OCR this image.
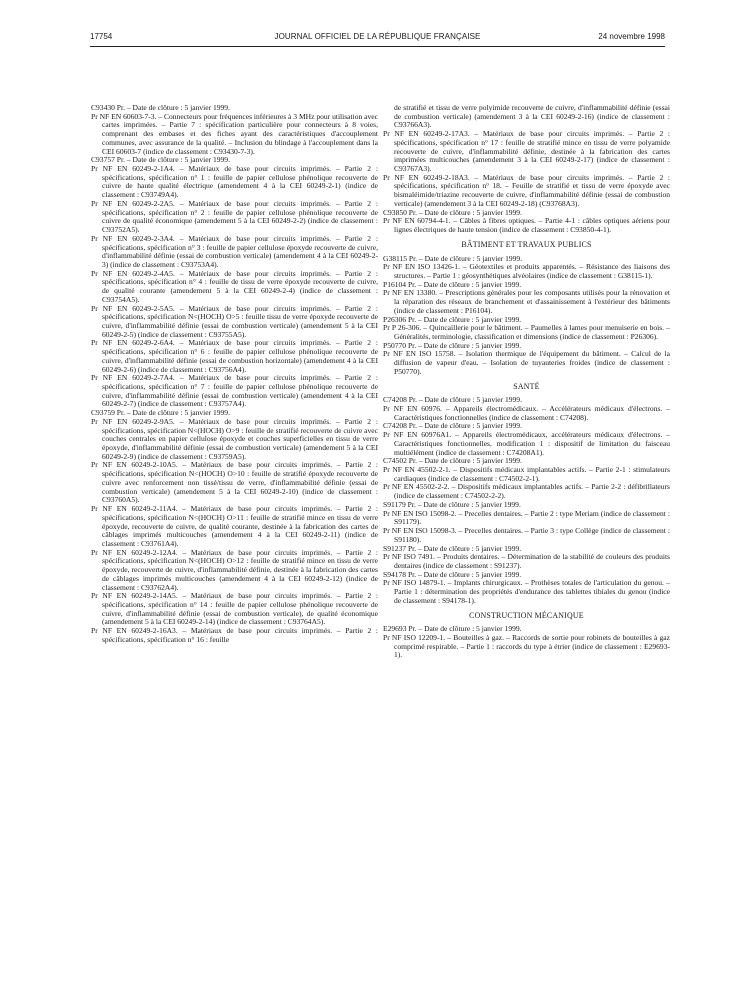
17754	JOURNAL OFFICIEL DE LA RÉPUBLIQUE FRANÇAISE	24 novembre 1998
C93430 Pr. – Date de clôture : 5 janvier 1999.
Pr NF EN 60603-7-3. – Connecteurs pour fréquences inférieures à 3 MHz pour utilisation avec cartes imprimées. – Partie 7 : spécification particulière pour connecteurs à 8 voies, comprenant des embases et des fiches ayant des caractéristiques d'accouplement communes, avec assurance de la qualité. – Inclusion du blindage à l'accouplement dans la CEI 60603-7 (indice de classement : C93430-7-3).
C93757 Pr. – Date de clôture : 5 janvier 1999.
Pr NF EN 60249-2-1A4. – Matériaux de base pour circuits imprimés. – Partie 2 : spécifications, spécification n° 1 : feuille de papier cellulose phénolique recouverte de cuivre de haute qualité électrique (amendement 4 à la CEI 60249-2-1) (indice de classement : C93749A4).
Pr NF EN 60249-2-2A5. – Matériaux de base pour circuits imprimés. – Partie 2 : spécifications, spécification n° 2 : feuille de papier cellulose phénolique recouverte de cuivre de qualité économique (amendement 5 à la CEI 60249-2-2) (indice de classement : C93752A5).
Pr NF EN 60249-2-3A4. – Matériaux de base pour circuits imprimés. – Partie 2 : spécifications, spécification n° 3 : feuille de papier cellulose époxyde recouverte de cuivre, d'inflammabilité définie (essai de combustion verticale) (amendement 4 à la CEI 60249-2-3) (indice de classement : C93753A4).
Pr NF EN 60249-2-4A5. – Matériaux de base pour circuits imprimés. – Partie 2 : spécifications, spécification n° 4 : feuille de tissu de verre époxyde recouverte de cuivre, de qualité courante (amendement 5 à la CEI 60249-2-4) (indice de classement : C93754A5).
Pr NF EN 60249-2-5A5. – Matériaux de base pour circuits imprimés. – Partie 2 : spécifications, spécification N<(HOCH) O>5 : feuille tissu de verre époxyde recouverte de cuivre, d'inflammabilité définie (essai de combustion verticale) (amendement 5 à la CEI 60249-2-5) (indice de classement : C93755A5).
Pr NF EN 60249-2-6A4. – Matériaux de base pour circuits imprimés. – Partie 2 : spécifications, spécification n° 6 : feuille de papier cellulose phénolique recouverte de cuivre, d'inflammabilité définie (essai de combustion horizontale) (amendement 4 à la CEI 60249-2-6) (indice de classement : C93756A4).
Pr NF EN 60249-2-7A4. – Matériaux de base pour circuits imprimés. – Partie 2 : spécifications, spécification n° 7 : feuille de papier cellulose phénolique recouverte de cuivre, d'inflammabilité définie (essai de combustion verticale) (amendement 4 à la CEI 60249-2-7) (indice de classement : C93757A4).
C93759 Pr. – Date de clôture : 5 janvier 1999.
Pr NF EN 60249-2-9A5. – Matériaux de base pour circuits imprimés. – Partie 2 : spécifications, spécification N<(HOCH) O>9 : feuille de stratifié recouverte de cuivre avec couches centrales en papier cellulose époxyde et couches superficielles en tissu de verre époxyde, d'inflammabilité définie (essai de combustion verticale) (amendement 5 à la CEI 60249-2-9) (indice de classement : C93759A5).
Pr NF EN 60249-2-10A5. – Matériaux de base pour circuits imprimés. – Partie 2 : spécifications, spécification N<(HOCH) O>10 : feuille de stratifié époxyde recouverte de cuivre avec renforcement non tissé/tissu de verre, d'inflammabilité définie (essai de combustion verticale) (amendement 5 à la CEI 60249-2-10) (indice de classement : C93760A5).
Pr NF EN 60249-2-11A4. – Matériaux de base pour circuits imprimés. – Partie 2 : spécifications, spécification N<(HOCH) O>11 : feuille de stratifié mince en tissu de verre époxyde, recouverte de cuivre, de qualité courante, destinée à la fabrication des cartes de câblages imprimés multicouches (amendement 4 à la CEI 60249-2-11) (indice de classement : C93761A4).
Pr NF EN 60249-2-12A4. – Matériaux de base pour circuits imprimés. – Partie 2 : spécifications, spécification N<(HOCH) O>12 : feuille de stratifié mince en tissu de verre époxyde, recouverte de cuivre, d'inflammabilité définie, destinée à la fabrication des cartes de câblages imprimés multicouches (amendement 4 à la CEI 60249-2-12) (indice de classement : C93762A4).
Pr NF EN 60249-2-14A5. – Matériaux de base pour circuits imprimés. – Partie 2 : spécifications, spécification n° 14 : feuille de papier cellulose phénolique recouverte de cuivre, d'inflammabilité définie (essai de combustion verticale), de qualité économique (amendement 5 à la CEI 60249-2-14) (indice de classement : C93764A5).
Pr NF EN 60249-2-16A3. – Matériaux de base pour circuits imprimés. – Partie 2 : spécifications, spécification n° 16 : feuille
de stratifié et tissu de verre polyimide recouverte de cuivre, d'inflammabilité définie (essai de combustion verticale) (amendement 3 à la CEI 60249-2-16) (indice de classement : C93766A3).
Pr NF EN 60249-2-17A3. – Matériaux de base pour circuits imprimés. – Partie 2 : spécifications, spécification n° 17 : feuille de stratifié mince en tissu de verre polyamide recouverte de cuivre, d'inflammabilité définie, destinée à la fabrication des cartes imprimées multicouches (amendement 3 à la CEI 60249-2-17) (indice de classement : C93767A3).
Pr NF EN 60249-2-18A3. – Matériaux de base pour circuits imprimés. – Partie 2 : spécifications, spécification n° 18. – Feuille de stratifié et tissu de verre époxyde avec bismaléimide/triazine recouverte de cuivre, d'inflammabilité définie (essai de combustion verticale) (amendement 3 à la CEI 60249-2-18) (C93768A3).
C93850 Pr. – Date de clôture : 5 janvier 1999.
Pr NF EN 60794-4-1. – Câbles à fibres optiques. – Partie 4-1 : câbles optiques aériens pour lignes électriques de haute tension (indice de classement : C93850-4-1).
BÂTIMENT ET TRAVAUX PUBLICS
G38115 Pr. – Date de clôture : 5 janvier 1999.
Pr NF EN ISO 13426-1. – Géotextiles et produits apparentés. – Résistance des liaisons des structures. – Partie 1 : géosynthétiques alvéolaires (indice de classement : G38115-1).
P16104 Pr. – Date de clôture : 5 janvier 1999.
Pr NF EN 13380. – Prescriptions générales pour les composants utilisés pour la rénovation et la réparation des réseaux de branchement et d'assainissement à l'extérieur des bâtiments (indice de classement : P16104).
P26306 Pr. – Date de clôture : 5 janvier 1999.
Pr P 26-306. – Quincaillerie pour le bâtiment. – Paumelles à lames pour menuiserie en bois. – Généralités, terminologie, classification et dimensions (indice de classement : P26306).
P50770 Pr. – Date de clôture : 5 janvier 1999.
Pr NF EN ISO 15758. – Isolation thermique de l'équipement du bâtiment. – Calcul de la diffusion de vapeur d'eau. – Isolation de tuyauteries froides (indice de classement : P50770).
SANTÉ
C74208 Pr. – Date de clôture : 5 janvier 1999.
Pr NF EN 60976. – Appareils électromédicaux. – Accélérateurs médicaux d'électrons. – Caractéristiques fonctionnelles (indice de classement : C74208).
C74208 Pr. – Date de clôture : 5 janvier 1999.
Pr NF EN 60976A1. – Appareils électromédicaux, accélérateurs médicaux d'électrons. – Caractéristiques fonctionnelles, modification 1 : dispositif de limitation du faisceau multiélément (indice de classement : C74208A1).
C74502 Pr. – Date de clôture : 5 janvier 1999.
Pr NF EN 45502-2-1. – Dispositifs médicaux implantables actifs. – Partie 2-1 : stimulateurs cardiaques (indice de classement : C74502-2-1).
Pr NF EN 45502-2-2. – Dispositifs médicaux implantables actifs. – Partie 2-2 : défibrillateurs (indice de classement : C74502-2-2).
S91179 Pr. – Date de clôture : 5 janvier 1999.
Pr NF EN ISO 15098-2. – Precelles dentaires. – Partie 2 : type Meriam (indice de classement : S91179).
Pr NF EN ISO 15098-3. – Precelles dentaires. – Partie 3 : type Collège (indice de classement : S91180).
S91237 Pr. – Date de clôture : 5 janvier 1999.
Pr NF ISO 7491. – Produits dentaires. – Détermination de la stabilité de couleurs des produits dentaires (indice de classement : S91237).
S94178 Pr. – Date de clôture : 5 janvier 1999.
Pr NF ISO 14879-1. – Implants chirurgicaux. – Prothèses totales de l'articulation du genou. – Partie 1 : détermination des propriétés d'endurance des tablettes tibiales du genou (indice de classement : S94178-1).
CONSTRUCTION MÉCANIQUE
E29693 Pr. – Date de clôture : 5 janvier 1999.
Pr NF ISO 12209-1. – Bouteilles à gaz. – Raccords de sortie pour robinets de bouteilles à gaz comprimé respirable. – Partie 1 : raccords du type à étrier (indice de classement : E29693-1).
